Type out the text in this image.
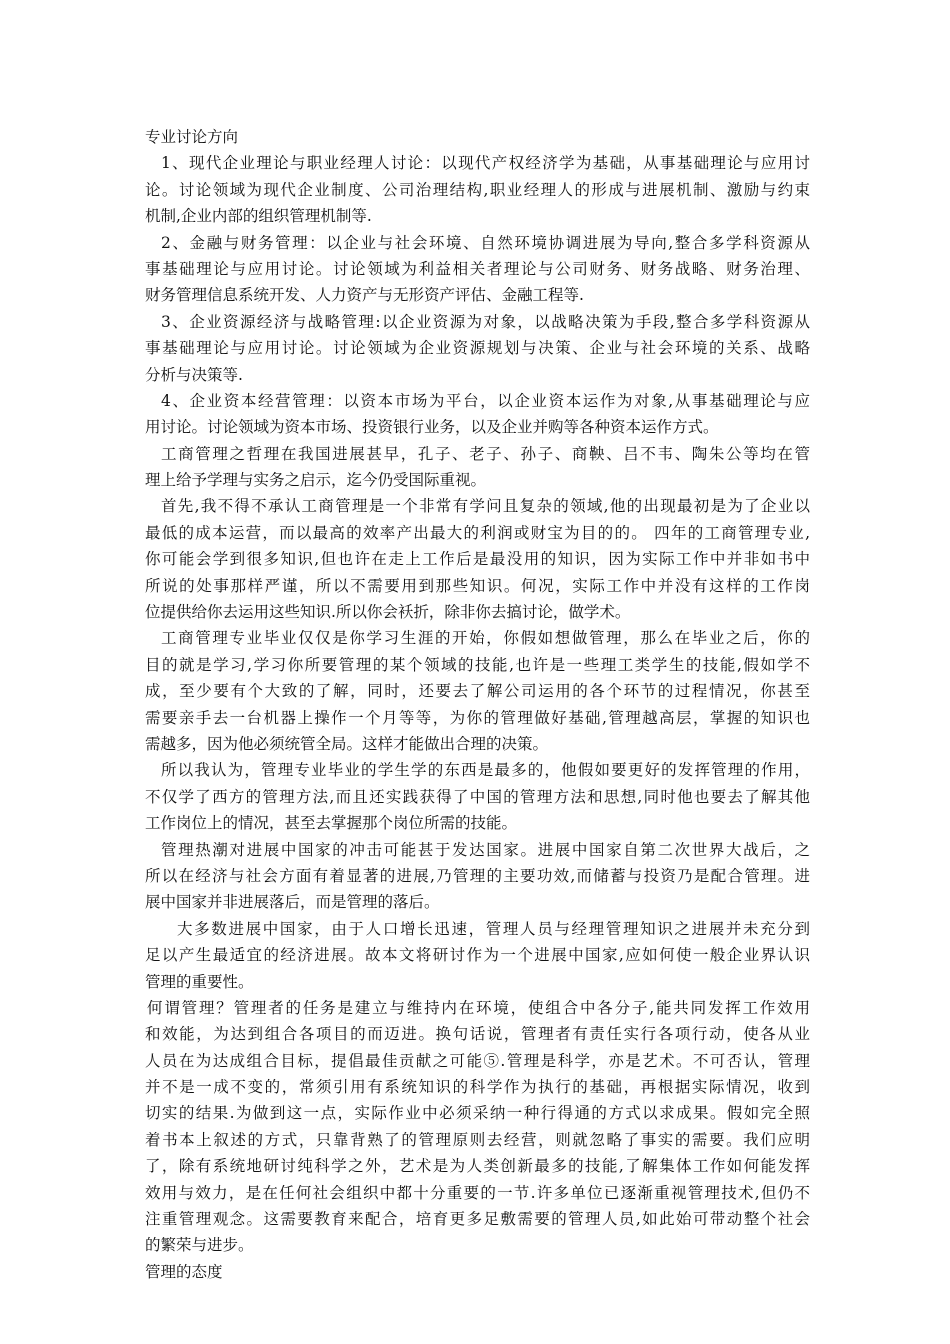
专业讨论方向
1、现代企业理论与职业经理人讨论：以现代产权经济学为基础，从事基础理论与应用讨
论。讨论领域为现代企业制度、公司治理结构,职业经理人的形成与进展机制、激励与约束
机制,企业内部的组织管理机制等.
2、金融与财务管理：以企业与社会环境、自然环境协调进展为导向,整合多学科资源从
事基础理论与应用讨论。讨论领域为利益相关者理论与公司财务、财务战略、财务治理、
财务管理信息系统开发、人力资产与无形资产评估、金融工程等.
3、企业资源经济与战略管理:以企业资源为对象，以战略决策为手段,整合多学科资源从
事基础理论与应用讨论。讨论领域为企业资源规划与决策、企业与社会环境的关系、战略
分析与决策等.
4、企业资本经营管理：以资本市场为平台，以企业资本运作为对象,从事基础理论与应
用讨论。讨论领域为资本市场、投资银行业务，以及企业并购等各种资本运作方式。
工商管理之哲理在我国进展甚早，孔子、老子、孙子、商鞅、吕不韦、陶朱公等均在管
理上给予学理与实务之启示，迄今仍受国际重视。
首先,我不得不承认工商管理是一个非常有学问且复杂的领域,他的出现最初是为了企业以
最低的成本运营，而以最高的效率产出最大的利润或财宝为目的的。 四年的工商管理专业,
你可能会学到很多知识,但也许在走上工作后是最没用的知识，因为实际工作中并非如书中
所说的处事那样严谨，所以不需要用到那些知识。何况，实际工作中并没有这样的工作岗
位提供给你去运用这些知识.所以你会袄折，除非你去搞讨论，做学术。
工商管理专业毕业仅仅是你学习生涯的开始，你假如想做管理，那么在毕业之后，你的
目的就是学习,学习你所要管理的某个领域的技能,也许是一些理工类学生的技能,假如学不
成，至少要有个大致的了解，同时，还要去了解公司运用的各个环节的过程情况，你甚至
需要亲手去一台机器上操作一个月等等，为你的管理做好基础,管理越高层，掌握的知识也
需越多，因为他必须统管全局。这样才能做出合理的决策。
所以我认为，管理专业毕业的学生学的东西是最多的，他假如要更好的发挥管理的作用，
不仅学了西方的管理方法,而且还实践获得了中国的管理方法和思想,同时他也要去了解其他
工作岗位上的情况，甚至去掌握那个岗位所需的技能。
管理热潮对进展中国家的冲击可能甚于发达国家。进展中国家自第二次世界大战后，之
所以在经济与社会方面有着显著的进展,乃管理的主要功效,而储蓄与投资乃是配合管理。进
展中国家并非进展落后，而是管理的落后。
大多数进展中国家，由于人口增长迅速，管理人员与经理管理知识之进展并未充分到
足以产生最适宜的经济进展。故本文将研讨作为一个进展中国家,应如何使一般企业界认识
管理的重要性。
何谓管理？管理者的任务是建立与维持内在环境，使组合中各分子,能共同发挥工作效用
和效能，为达到组合各项目的而迈进。换句话说，管理者有责任实行各项行动，使各从业
人员在为达成组合目标，提倡最佳贡献之可能⑤.管理是科学，亦是艺术。不可否认，管理
并不是一成不变的，常须引用有系统知识的科学作为执行的基础，再根据实际情况，收到
切实的结果.为做到这一点，实际作业中必须采纳一种行得通的方式以求成果。假如完全照
着书本上叙述的方式，只靠背熟了的管理原则去经营，则就忽略了事实的需要。我们应明
了，除有系统地研讨纯科学之外，艺术是为人类创新最多的技能,了解集体工作如何能发挥
效用与效力，是在任何社会组织中都十分重要的一节.许多单位已逐渐重视管理技术,但仍不
注重管理观念。这需要教育来配合，培育更多足敷需要的管理人员,如此始可带动整个社会
的繁荣与进步。
管理的态度
